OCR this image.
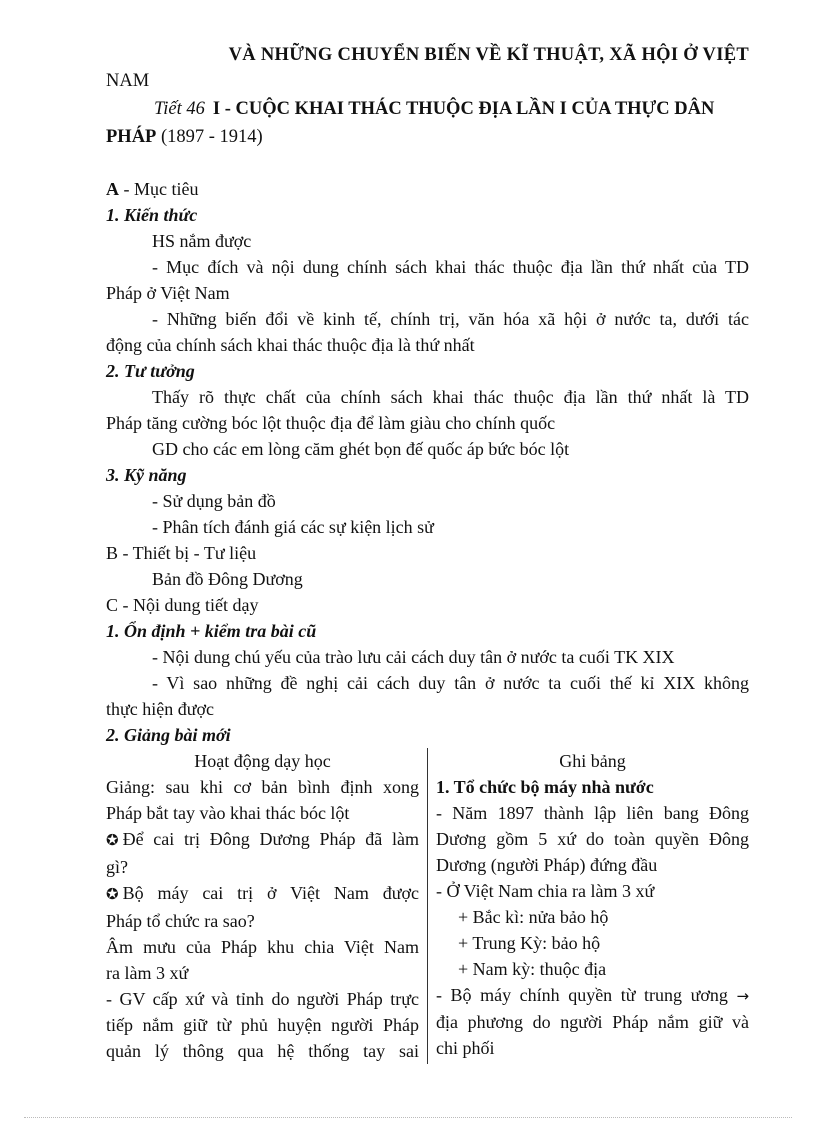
VÀ NHỮNG CHUYỂN BIẾN VỀ KĨ THUẬT, XÃ HỘI Ở VIỆT
NAM
Tiết 46 I - CUỘC KHAI THÁC THUỘC ĐỊA LẦN I CỦA THỰC DÂN
PHÁP (1897 - 1914)
A - Mục tiêu
1. Kiến thức
HS nắm được
- Mục đích và nội dung chính sách khai thác thuộc địa lần thứ nhất của TD
Pháp ở Việt Nam
- Những biến đổi về kinh tế, chính trị, văn hóa xã hội ở nước ta, dưới tác
động của chính sách khai thác thuộc địa là thứ nhất
2. Tư tưởng
Thấy rõ thực chất của chính sách khai thác thuộc địa lần thứ nhất là TD
Pháp tăng cường bóc lột thuộc địa để làm giàu cho chính quốc
GD cho các em lòng căm ghét bọn đế quốc áp bức bóc lột
3. Kỹ năng
- Sử dụng bản đồ
- Phân tích đánh giá các sự kiện lịch sử
B - Thiết bị - Tư liệu
Bản đồ Đông Dương
C - Nội dung tiết dạy
1. Ổn định + kiểm tra bài cũ
- Nội dung chú yếu của trào lưu cải cách duy tân ở nước ta cuối TK XIX
- Vì sao những đề nghị cải cách duy tân ở nước ta cuối thế kỉ XIX không
thực hiện được
2. Giảng bài mới
Hoạt động dạy học
Giảng: sau khi cơ bản bình định xong
Pháp bắt tay vào khai thác bóc lột
✪ Để cai trị Đông Dương Pháp đã làm
gì?
✪ Bộ máy cai trị ở Việt Nam được
Pháp tổ chức ra sao?
Âm mưu của Pháp khu chia Việt Nam
ra làm 3 xứ
- GV cấp xứ và tỉnh do người Pháp trực
tiếp nắm giữ từ phủ huyện người Pháp
quản lý thông qua hệ thống tay sai
Ghi bảng
1. Tổ chức bộ máy nhà nước
- Năm 1897 thành lập liên bang Đông
Dương gồm 5 xứ do toàn quyền Đông
Dương (người Pháp) đứng đầu
- Ở Việt Nam chia ra làm 3 xứ
+ Bắc kì: nửa bảo hộ
+ Trung Kỳ: bảo hộ
+ Nam kỳ: thuộc địa
- Bộ máy chính quyền từ trung ương →
địa phương do người Pháp nắm giữ và
chi phối
